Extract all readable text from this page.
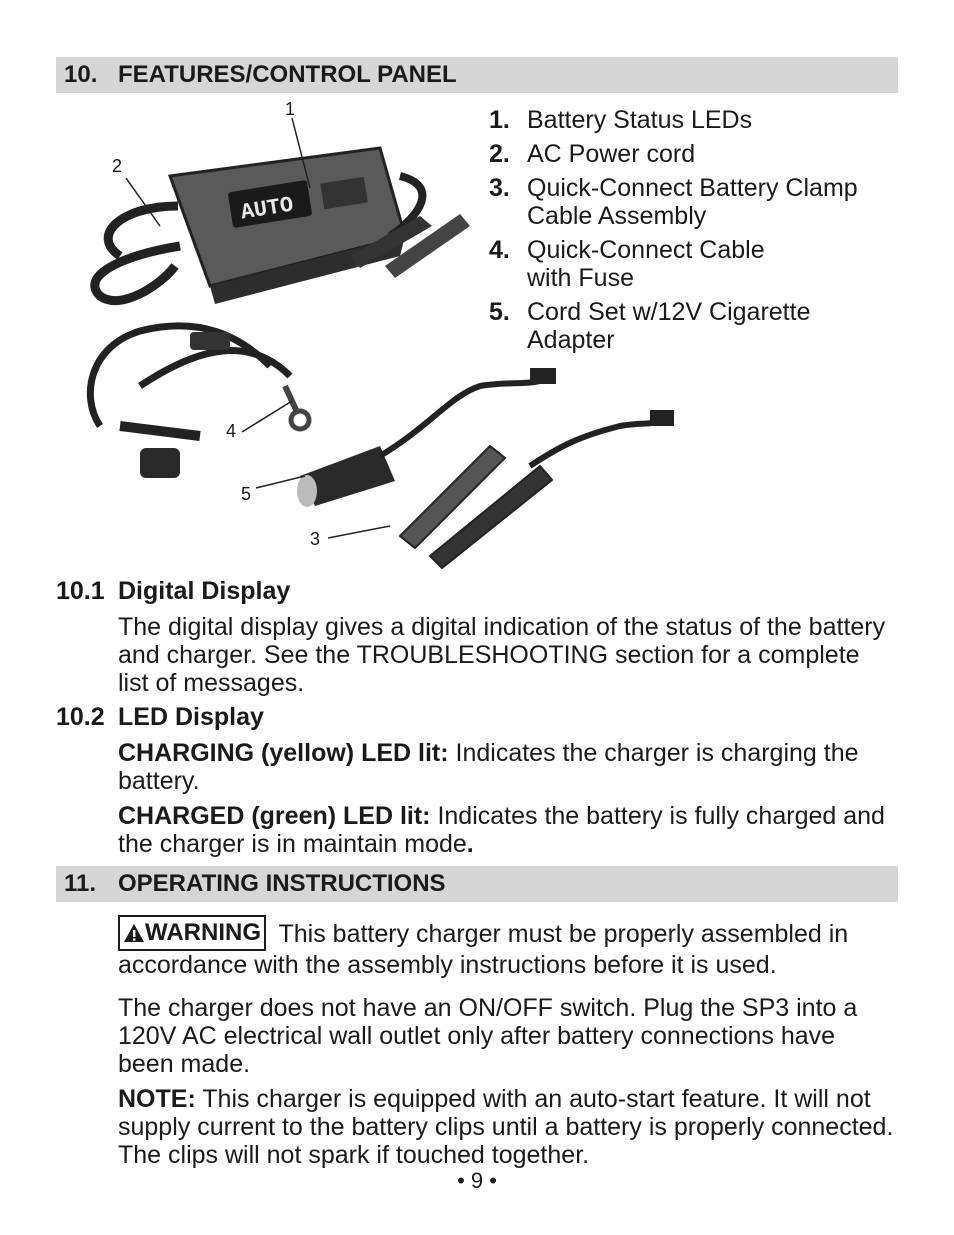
10. FEATURES/CONTROL PANEL
AUTO
1
2
3
4
5
1. Battery Status LEDs
2. AC Power cord
3. Quick-Connect Battery Clamp
Cable Assembly
4. Quick-Connect Cable
with Fuse
5. Cord Set w/12V Cigarette
Adapter
10.1 Digital Display
The digital display gives a digital indication of the status of the battery and charger. See the TROUBLESHOOTING section for a complete list of messages.
10.2 LED Display
CHARGING (yellow) LED lit: Indicates the charger is charging the battery.
CHARGED (green) LED lit: Indicates the battery is fully charged and the charger is in maintain mode.
11. OPERATING INSTRUCTIONS
WARNING This battery charger must be properly assembled in accordance with the assembly instructions before it is used.
The charger does not have an ON/OFF switch. Plug the SP3 into a 120V AC electrical wall outlet only after battery connections have been made.
NOTE: This charger is equipped with an auto-start feature. It will not supply current to the battery clips until a battery is properly connected. The clips will not spark if touched together.
• 9 •
